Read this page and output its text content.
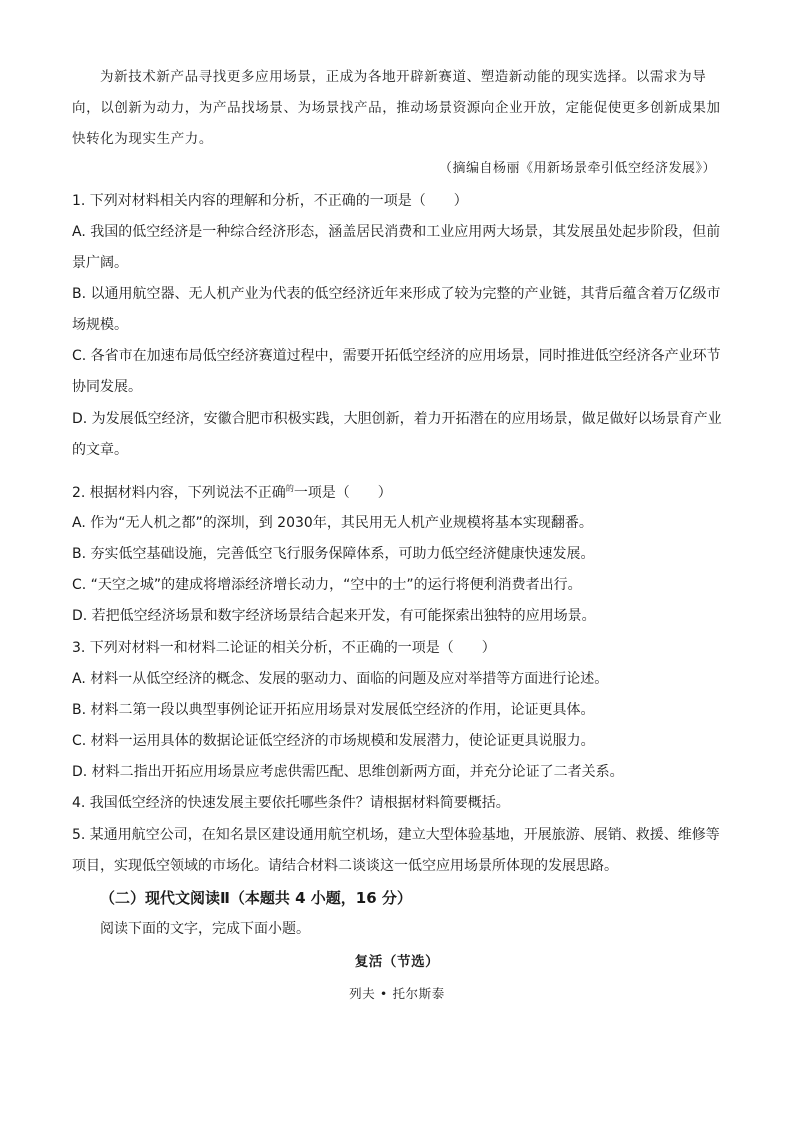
为新技术新产品寻找更多应用场景，正成为各地开辟新赛道、塑造新动能的现实选择。以需求为导向，以创新为动力，为产品找场景、为场景找产品，推动场景资源向企业开放，定能促使更多创新成果加快转化为现实生产力。

（摘编自杨丽《用新场景牵引低空经济发展》）

1. 下列对材料相关内容的理解和分析，不正确的一项是（　　）

A. 我国的低空经济是一种综合经济形态，涵盖居民消费和工业应用两大场景，其发展虽处起步阶段，但前景广阔。

B. 以通用航空器、无人机产业为代表的低空经济近年来形成了较为完整的产业链，其背后蕴含着万亿级市场规模。

C. 各省市在加速布局低空经济赛道过程中，需要开拓低空经济的应用场景，同时推进低空经济各产业环节协同发展。

D. 为发展低空经济，安徽合肥市积极实践，大胆创新，着力开拓潜在的应用场景，做足做好以场景育产业的文章。

2. 根据材料内容，下列说法不正确$^的$一项是（　　）

A. 作为“无人机之都”的深圳，到 2030年，其民用无人机产业规模将基本实现翻番。

B. 夯实低空基础设施，完善低空飞行服务保障体系，可助力低空经济健康快速发展。

C. “天空之城”的建成将增添经济增长动力，“空中的士”的运行将便利消费者出行。

D. 若把低空经济场景和数字经济场景结合起来开发，有可能探索出独特的应用场景。

3. 下列对材料一和材料二论证的相关分析，不正确的一项是（　　）

A. 材料一从低空经济的概念、发展的驱动力、面临的问题及应对举措等方面进行论述。

B. 材料二第一段以典型事例论证开拓应用场景对发展低空经济的作用，论证更具体。

C. 材料一运用具体的数据论证低空经济的市场规模和发展潜力，使论证更具说服力。

D. 材料二指出开拓应用场景应考虑供需匹配、思维创新两方面，并充分论证了二者关系。

4. 我国低空经济的快速发展主要依托哪些条件？请根据材料简要概括。

5. 某通用航空公司，在知名景区建设通用航空机场，建立大型体验基地，开展旅游、展销、救援、维修等项目，实现低空领域的市场化。请结合材料二谈谈这一低空应用场景所体现的发展思路。

（二）现代文阅读Ⅱ（本题共 4 小题，16 分）

阅读下面的文字，完成下面小题。

复活（节选）

列夫 • 托尔斯泰
